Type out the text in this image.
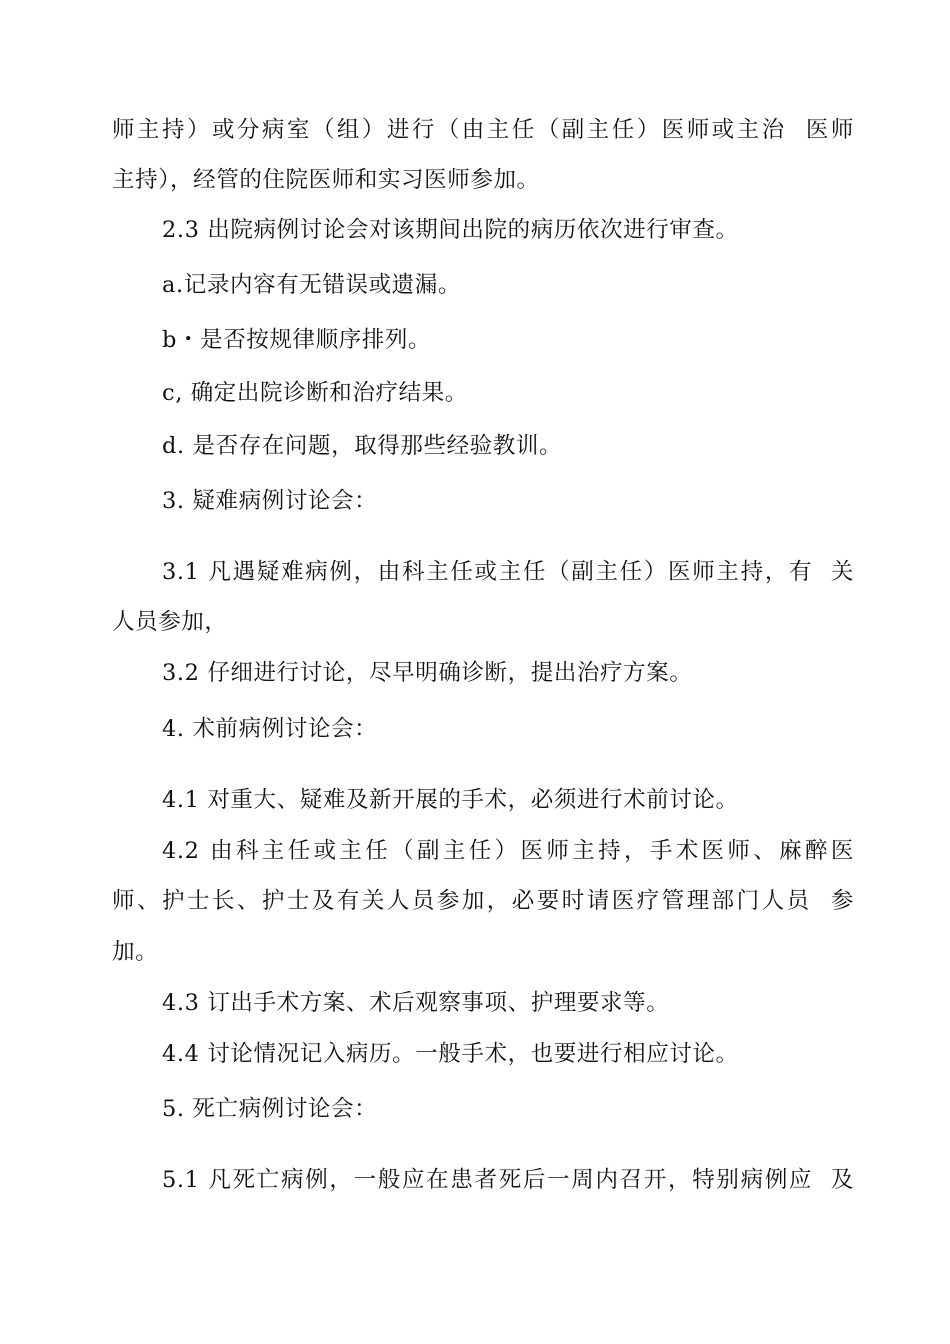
师主持）或分病室（组）进行（由主任（副主任）医师或主治  医师
主持），经管的住院医师和实习医师参加。
2.3 出院病例讨论会对该期间出院的病历依次进行审查。
a.记录内容有无错误或遗漏。
b・是否按规律顺序排列。
c, 确定出院诊断和治疗结果。
d. 是否存在问题，取得那些经验教训。
3. 疑难病例讨论会：
3.1 凡遇疑难病例，由科主任或主任（副主任）医师主持，有  关
人员参加，
3.2 仔细进行讨论，尽早明确诊断，提出治疗方案。
4. 术前病例讨论会：
4.1 对重大、疑难及新开展的手术，必须进行术前讨论。
4.2 由科主任或主任（副主任）医师主持，手术医师、麻醉医
师、护士长、护士及有关人员参加，必要时请医疗管理部门人员  参
加。
4.3 订出手术方案、术后观察事项、护理要求等。
4.4 讨论情况记入病历。一般手术，也要进行相应讨论。
5. 死亡病例讨论会：
5.1 凡死亡病例，一般应在患者死后一周内召开，特别病例应  及
